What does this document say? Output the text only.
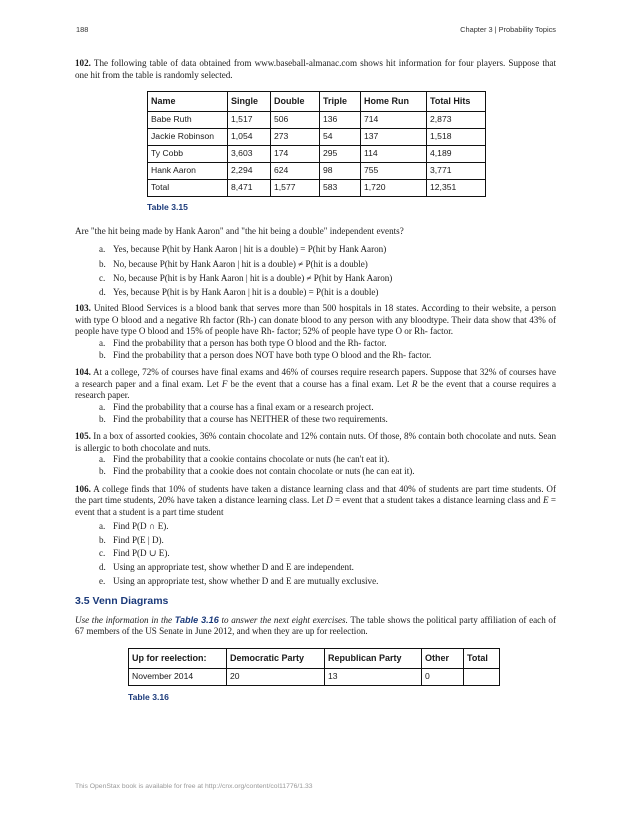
188	Chapter 3 | Probability Topics

102. The following table of data obtained from www.baseball-almanac.com shows hit information for four players. Suppose that one hit from the table is randomly selected.

Name	Single	Double	Triple	Home Run	Total Hits
Babe Ruth	1,517	506	136	714	2,873
Jackie Robinson	1,054	273	54	137	1,518
Ty Cobb	3,603	174	295	114	4,189
Hank Aaron	2,294	624	98	755	3,771
Total	8,471	1,577	583	1,720	12,351
Table 3.15

Are "the hit being made by Hank Aaron" and "the hit being a double" independent events?

a. Yes, because P(hit by Hank Aaron | hit is a double) = P(hit by Hank Aaron)
b. No, because P(hit by Hank Aaron | hit is a double) ≠ P(hit is a double)
c. No, because P(hit is by Hank Aaron | hit is a double) ≠ P(hit by Hank Aaron)
d. Yes, because P(hit is by Hank Aaron | hit is a double) = P(hit is a double)

103. United Blood Services is a blood bank that serves more than 500 hospitals in 18 states. According to their website, a person with type O blood and a negative Rh factor (Rh-) can donate blood to any person with any bloodtype. Their data show that 43% of people have type O blood and 15% of people have Rh- factor; 52% of people have type O or Rh- factor.

a. Find the probability that a person has both type O blood and the Rh- factor.
b. Find the probability that a person does NOT have both type O blood and the Rh- factor.

104. At a college, 72% of courses have final exams and 46% of courses require research papers. Suppose that 32% of courses have a research paper and a final exam. Let F be the event that a course has a final exam. Let R be the event that a course requires a research paper.

a. Find the probability that a course has a final exam or a research project.
b. Find the probability that a course has NEITHER of these two requirements.

105. In a box of assorted cookies, 36% contain chocolate and 12% contain nuts. Of those, 8% contain both chocolate and nuts. Sean is allergic to both chocolate and nuts.

a. Find the probability that a cookie contains chocolate or nuts (he can't eat it).
b. Find the probability that a cookie does not contain chocolate or nuts (he can eat it).

106. A college finds that 10% of students have taken a distance learning class and that 40% of students are part time students. Of the part time students, 20% have taken a distance learning class. Let D = event that a student takes a distance learning class and E = event that a student is a part time student

a. Find P(D ∩ E).
b. Find P(E | D).
c. Find P(D ∪ E).
d. Using an appropriate test, show whether D and E are independent.
e. Using an appropriate test, show whether D and E are mutually exclusive.

3.5 Venn Diagrams

Use the information in the Table 3.16 to answer the next eight exercises. The table shows the political party affiliation of each of 67 members of the US Senate in June 2012, and when they are up for reelection.

Up for reelection:	Democratic Party	Republican Party	Other	Total
November 2014	20	13	0	
Table 3.16
This OpenStax book is available for free at http://cnx.org/content/col11776/1.33
